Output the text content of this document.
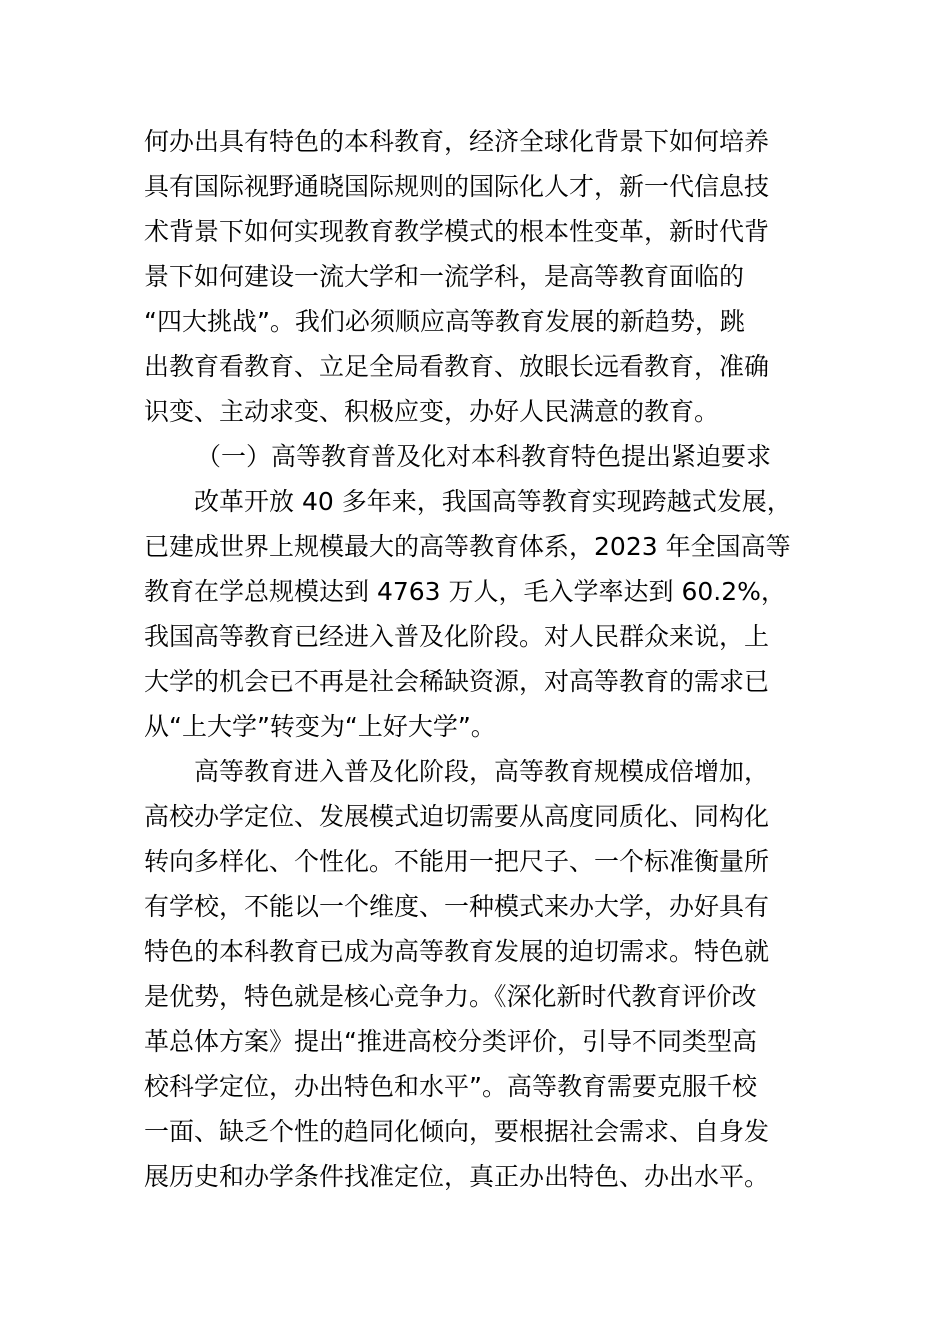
何办出具有特色的本科教育，经济全球化背景下如何培养
具有国际视野通晓国际规则的国际化人才，新一代信息技
术背景下如何实现教育教学模式的根本性变革，新时代背
景下如何建设一流大学和一流学科，是高等教育面临的
“四大挑战”。我们必须顺应高等教育发展的新趋势，跳
出教育看教育、立足全局看教育、放眼长远看教育，准确
识变、主动求变、积极应变，办好人民满意的教育。
（一）高等教育普及化对本科教育特色提出紧迫要求
改革开放 40 多年来，我国高等教育实现跨越式发展，
已建成世界上规模最大的高等教育体系，2023 年全国高等
教育在学总规模达到 4763 万人，毛入学率达到 60.2%，
我国高等教育已经进入普及化阶段。对人民群众来说，上
大学的机会已不再是社会稀缺资源，对高等教育的需求已
从“上大学”转变为“上好大学”。
高等教育进入普及化阶段，高等教育规模成倍增加，
高校办学定位、发展模式迫切需要从高度同质化、同构化
转向多样化、个性化。不能用一把尺子、一个标准衡量所
有学校，不能以一个维度、一种模式来办大学，办好具有
特色的本科教育已成为高等教育发展的迫切需求。特色就
是优势，特色就是核心竞争力。《深化新时代教育评价改
革总体方案》提出“推进高校分类评价，引导不同类型高
校科学定位，办出特色和水平”。高等教育需要克服千校
一面、缺乏个性的趋同化倾向，要根据社会需求、自身发
展历史和办学条件找准定位，真正办出特色、办出水平。
